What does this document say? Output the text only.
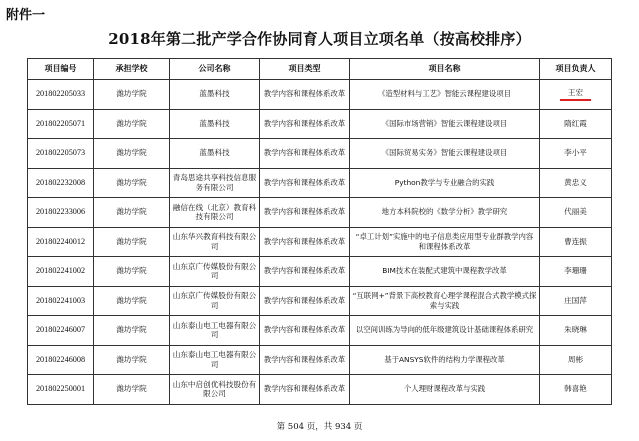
附件一
2018年第二批产学合作协同育人项目立项名单（按高校排序）
项目编号	承担学校	公司名称	项目类型	项目名称	项目负责人
201802205033	潍坊学院	蓝墨科技	教学内容和课程体系改革	《造型材料与工艺》智能云课程建设项目	王宏
201802205071	潍坊学院	蓝墨科技	教学内容和课程体系改革	《国际市场营销》智能云课程建设项目	隋红霞
201802205073	潍坊学院	蓝墨科技	教学内容和课程体系改革	《国际贸易实务》智能云课程建设项目	李小平
201802232008	潍坊学院	青岛思途共享科技信息服务有限公司	教学内容和课程体系改革	Python教学与专业融合的实践	黄忠义
201802233006	潍坊学院	融信在线（北京）教育科技有限公司	教学内容和课程体系改革	地方本科院校的《数学分析》教学研究	代丽美
201802240012	潍坊学院	山东华兴教育科技有限公司	教学内容和课程体系改革	“卓工计划”实施中的电子信息类应用型专业群教学内容和课程体系改革	曹连振
201802241002	潍坊学院	山东京广传媒股份有限公司	教学内容和课程体系改革	BIM技术在装配式建筑中课程教学改革	李珊珊
201802241003	潍坊学院	山东京广传媒股份有限公司	教学内容和课程体系改革	“互联网+”背景下高校教育心理学课程混合式教学模式探索与实践	庄国萍
201802246007	潍坊学院	山东泰山电工电器有限公司	教学内容和课程体系改革	以空间训练为导向的低年级建筑设计基础课程体系研究	朱晓琳
201802246008	潍坊学院	山东泰山电工电器有限公司	教学内容和课程体系改革	基于ANSYS软件的结构力学课程改革	周彬
201802250001	潍坊学院	山东中启创优科技股份有限公司	教学内容和课程体系改革	个人理财课程改革与实践	韩喜艳
第 504 页，共 934 页
